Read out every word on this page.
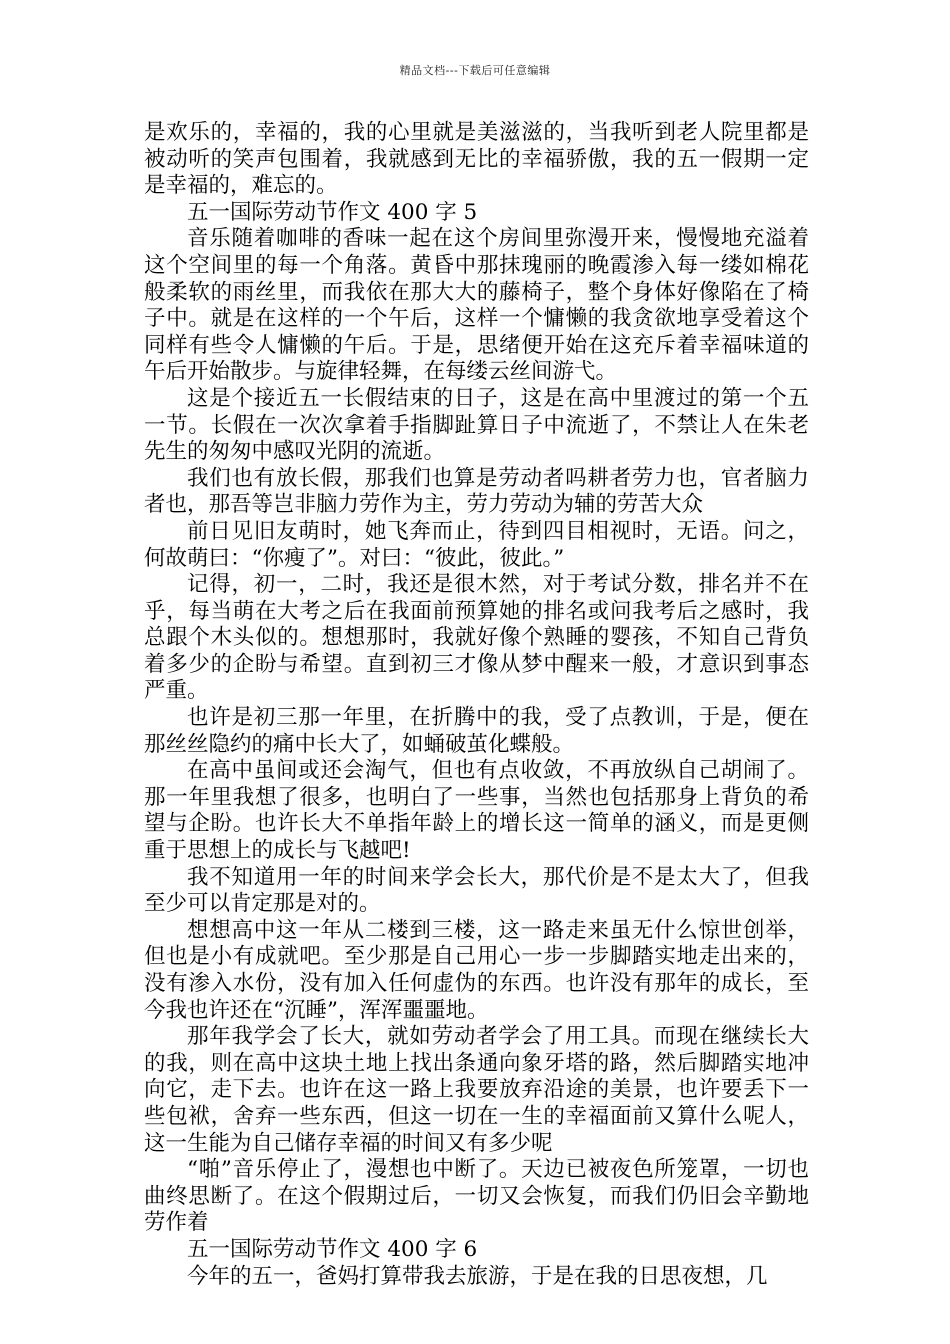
精品文档---下载后可任意编辑

是欢乐的，幸福的，我的心里就是美滋滋的，当我听到老人院里都是被动听的笑声包围着，我就感到无比的幸福骄傲，我的五一假期一定是幸福的，难忘的。

五一国际劳动节作文 400 字 5

音乐随着咖啡的香味一起在这个房间里弥漫开来，慢慢地充溢着这个空间里的每一个角落。黄昏中那抹瑰丽的晚霞渗入每一缕如棉花般柔软的雨丝里，而我依在那大大的藤椅子，整个身体好像陷在了椅子中。就是在这样的一个午后，这样一个慵懒的我贪欲地享受着这个同样有些令人慵懒的午后。于是，思绪便开始在这充斥着幸福味道的午后开始散步。与旋律轻舞，在每缕云丝间游弋。

这是个接近五一长假结束的日子，这是在高中里渡过的第一个五一节。长假在一次次拿着手指脚趾算日子中流逝了，不禁让人在朱老先生的匆匆中感叹光阴的流逝。

我们也有放长假，那我们也算是劳动者吗耕者劳力也，官者脑力者也，那吾等岂非脑力劳作为主，劳力劳动为辅的劳苦大众

前日见旧友萌时，她飞奔而止，待到四目相视时，无语。问之，何故萌曰：“你瘦了”。对曰：“彼此，彼此。”

记得，初一，二时，我还是很木然，对于考试分数，排名并不在乎，每当萌在大考之后在我面前预算她的排名或问我考后之感时，我总跟个木头似的。想想那时，我就好像个熟睡的婴孩，不知自己背负着多少的企盼与希望。直到初三才像从梦中醒来一般，才意识到事态严重。

也许是初三那一年里，在折腾中的我，受了点教训，于是，便在那丝丝隐约的痛中长大了，如蛹破茧化蝶般。

在高中虽间或还会淘气，但也有点收敛，不再放纵自己胡闹了。那一年里我想了很多，也明白了一些事，当然也包括那身上背负的希望与企盼。也许长大不单指年龄上的增长这一简单的涵义，而是更侧重于思想上的成长与飞越吧!

我不知道用一年的时间来学会长大，那代价是不是太大了，但我至少可以肯定那是对的。

想想高中这一年从二楼到三楼，这一路走来虽无什么惊世创举，但也是小有成就吧。至少那是自己用心一步一步脚踏实地走出来的，没有渗入水份，没有加入任何虚伪的东西。也许没有那年的成长，至今我也许还在“沉睡”，浑浑噩噩地。

那年我学会了长大，就如劳动者学会了用工具。而现在继续长大的我，则在高中这块土地上找出条通向象牙塔的路，然后脚踏实地冲向它，走下去。也许在这一路上我要放弃沿途的美景，也许要丢下一些包袱，舍弃一些东西，但这一切在一生的幸福面前又算什么呢人，这一生能为自己储存幸福的时间又有多少呢

“啪”音乐停止了，漫想也中断了。天边已被夜色所笼罩，一切也曲终思断了。在这个假期过后，一切又会恢复，而我们仍旧会辛勤地劳作着

五一国际劳动节作文 400 字 6

今年的五一，爸妈打算带我去旅游，于是在我的日思夜想，几
